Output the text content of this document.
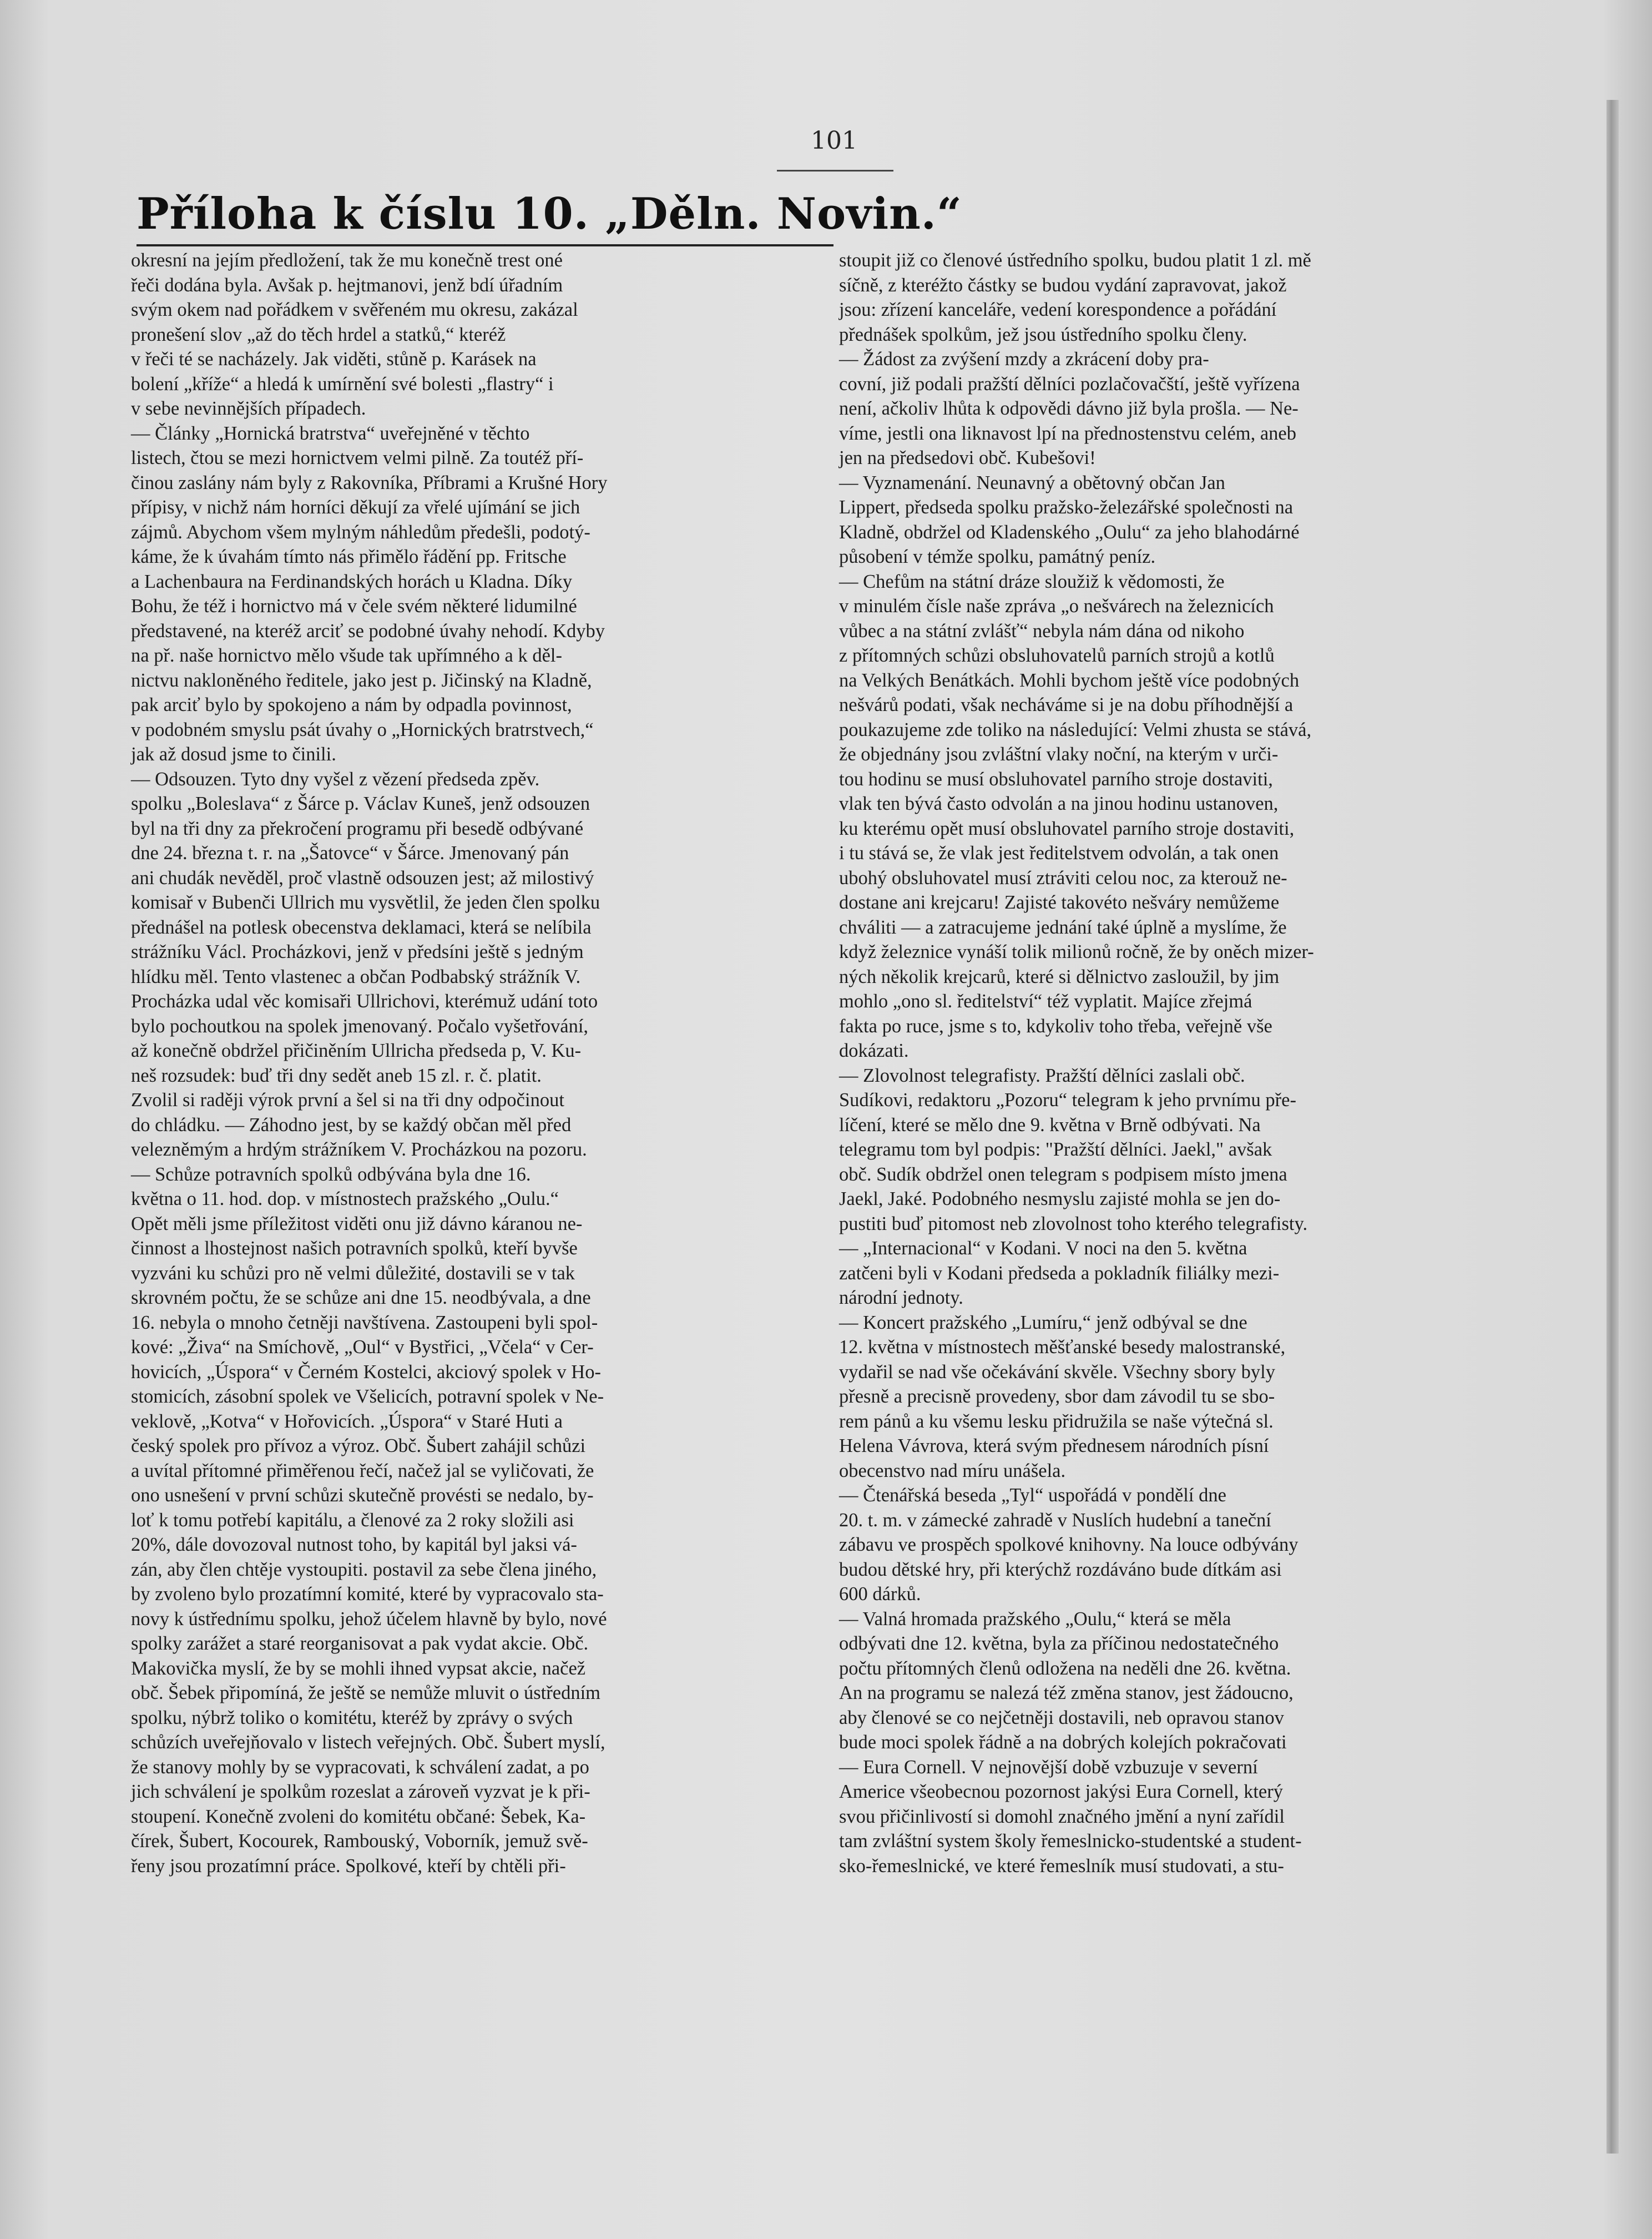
101
Příloha k číslu 10. „Děln. Novin.“

okresní na jejím předložení, tak že mu konečně trest oné
řeči dodána byla. Avšak p. hejtmanovi, jenž bdí úřadním
svým okem nad pořádkem v svěřeném mu okresu, zakázal
pronešení slov „až do těch hrdel a statků,“ kteréž
v řeči té se nacházely. Jak viděti, stůně p. Karásek na
bolení „kříže“ a hledá k umírnění své bolesti „flastry“ i
v sebe nevinnějších případech.

— Články „Hornická bratrstva“ uveřejněné v těchto
listech, čtou se mezi hornictvem velmi pilně. Za toutéž pří-
činou zaslány nám byly z Rakovníka, Příbrami a Krušné Hory
přípisy, v nichž nám horníci děkují za vřelé ujímání se jich
zájmů. Abychom všem mylným náhledům předešli, podotý-
káme, že k úvahám tímto nás přimělo řádění pp. Fritsche
a Lachenbaura na Ferdinandských horách u Kladna. Díky
Bohu, že též i hornictvo má v čele svém některé lidumilné
představené, na kteréž arciť se podobné úvahy nehodí. Kdyby
na př. naše hornictvo mělo všude tak upřímného a k děl-
nictvu nakloněného ředitele, jako jest p. Jičinský na Kladně,
pak arciť bylo by spokojeno a nám by odpadla povinnost,
v podobném smyslu psát úvahy o „Hornických bratrstvech,“
jak až dosud jsme to činili.

— Odsouzen. Tyto dny vyšel z vězení předseda zpěv.
spolku „Boleslava“ z Šárce p. Václav Kuneš, jenž odsouzen
byl na tři dny za překročení programu při besedě odbývané
dne 24. března t. r. na „Šatovce“ v Šárce. Jmenovaný pán
ani chudák nevěděl, proč vlastně odsouzen jest; až milostivý
komisař v Bubenči Ullrich mu vysvětlil, že jeden člen spolku
přednášel na potlesk obecenstva deklamaci, která se nelíbila
strážníku Václ. Procházkovi, jenž v předsíni ještě s jedným
hlídku měl. Tento vlastenec a občan Podbabský strážník V.
Procházka udal věc komisaři Ullrichovi, kterémuž udání toto
bylo pochoutkou na spolek jmenovaný. Počalo vyšetřování,
až konečně obdržel přičiněním Ullricha předseda p, V. Ku-
neš rozsudek: buď tři dny sedět aneb 15 zl. r. č. platit.
Zvolil si raději výrok první a šel si na tři dny odpočinout
do chládku. — Záhodno jest, by se každý občan měl před
velezněmým a hrdým strážníkem V. Procházkou na pozoru.

— Schůze potravních spolků odbývána byla dne 16.
května o 11. hod. dop. v místnostech pražského „Oulu.“
Opět měli jsme příležitost viděti onu již dávno káranou ne-
činnost a lhostejnost našich potravních spolků, kteří byvše
vyzváni ku schůzi pro ně velmi důležité, dostavili se v tak
skrovném počtu, že se schůze ani dne 15. neodbývala, a dne
16. nebyla o mnoho četněji navštívena. Zastoupeni byli spol-
kové: „Živa“ na Smíchově, „Oul“ v Bystřici, „Včela“ v Cer-
hovicích, „Úspora“ v Černém Kostelci, akciový spolek v Ho-
stomicích, zásobní spolek ve Všelicích, potravní spolek v Ne-
veklově, „Kotva“ v Hořovicích. „Úspora“ v Staré Huti a
český spolek pro přívoz a výroz. Obč. Šubert zahájil schůzi
a uvítal přítomné přiměřenou řečí, načež jal se vyličovati, že
ono usnešení v první schůzi skutečně provésti se nedalo, by-
loť k tomu potřebí kapitálu, a členové za 2 roky složili asi
20%, dále dovozoval nutnost toho, by kapitál byl jaksi vá-
zán, aby člen chtěje vystoupiti. postavil za sebe člena jiného,
by zvoleno bylo prozatímní komité, které by vypracovalo sta-
novy k ústřednímu spolku, jehož účelem hlavně by bylo, nové
spolky zarážet a staré reorganisovat a pak vydat akcie. Obč.
Makovička myslí, že by se mohli ihned vypsat akcie, načež
obč. Šebek připomíná, že ještě se nemůže mluvit o ústředním
spolku, nýbrž toliko o komitétu, kteréž by zprávy o svých
schůzích uveřejňovalo v listech veřejných. Obč. Šubert myslí,
že stanovy mohly by se vypracovati, k schválení zadat, a po
jich schválení je spolkům rozeslat a zároveň vyzvat je k při-
stoupení. Konečně zvoleni do komitétu občané: Šebek, Ka-
čírek, Šubert, Kocourek, Rambouský, Voborník, jemuž svě-
řeny jsou prozatímní práce. Spolkové, kteří by chtěli při-

stoupit již co členové ústředního spolku, budou platit 1 zl. mě
síčně, z kteréžto částky se budou vydání zapravovat, jakož
jsou: zřízení kanceláře, vedení korespondence a pořádání
přednášek spolkům, jež jsou ústředního spolku členy.

— Žádost za zvýšení mzdy a zkrácení doby pra-
covní, již podali pražští dělníci pozlačovačští, ještě vyřízena
není, ačkoliv lhůta k odpovědi dávno již byla prošla. — Ne-
víme, jestli ona liknavost lpí na přednostenstvu celém, aneb
jen na předsedovi obč. Kubešovi!

— Vyznamenání. Neunavný a obětovný občan Jan
Lippert, předseda spolku pražsko-železářské společnosti na
Kladně, obdržel od Kladenského „Oulu“ za jeho blahodárné
působení v témže spolku, památný peníz.

— Chefům na státní dráze sloužiž k vědomosti, že
v minulém čísle naše zpráva „o nešvárech na železnicích
vůbec a na státní zvlášť“ nebyla nám dána od nikoho
z přítomných schůzi obsluhovatelů parních strojů a kotlů
na Velkých Benátkách. Mohli bychom ještě více podobných
nešvárů podati, však necháváme si je na dobu příhodnější a
poukazujeme zde toliko na následující: Velmi zhusta se stává,
že objednány jsou zvláštní vlaky noční, na kterým v urči-
tou hodinu se musí obsluhovatel parního stroje dostaviti,
vlak ten bývá často odvolán a na jinou hodinu ustanoven,
ku kterému opět musí obsluhovatel parního stroje dostaviti,
i tu stává se, že vlak jest ředitelstvem odvolán, a tak onen
ubohý obsluhovatel musí ztráviti celou noc, za kterouž ne-
dostane ani krejcaru! Zajisté takovéto nešváry nemůžeme
chváliti — a zatracujeme jednání také úplně a myslíme, že
když železnice vynáší tolik milionů ročně, že by oněch mizer-
ných několik krejcarů, které si dělnictvo zasloužil, by jim
mohlo „ono sl. ředitelství“ též vyplatit. Majíce zřejmá
fakta po ruce, jsme s to, kdykoliv toho třeba, veřejně vše
dokázati.

— Zlovolnost telegrafisty. Pražští dělníci zaslali obč.
Sudíkovi, redaktoru „Pozoru“ telegram k jeho prvnímu pře-
líčení, které se mělo dne 9. května v Brně odbývati. Na
telegramu tom byl podpis: "Pražští dělníci. Jaekl," avšak
obč. Sudík obdržel onen telegram s podpisem místo jmena
Jaekl, Jaké. Podobného nesmyslu zajisté mohla se jen do-
pustiti buď pitomost neb zlovolnost toho kterého telegrafisty.

— „Internacional“ v Kodani. V noci na den 5. května
zatčeni byli v Kodani předseda a pokladník filiálky mezi-
národní jednoty.

— Koncert pražského „Lumíru,“ jenž odbýval se dne
12. května v místnostech měšťanské besedy malostranské,
vydařil se nad vše očekávání skvěle. Všechny sbory byly
přesně a precisně provedeny, sbor dam závodil tu se sbo-
rem pánů a ku všemu lesku přidružila se naše výtečná sl.
Helena Vávrova, která svým přednesem národních písní
obecenstvo nad míru unášela.

— Čtenářská beseda „Tyl“ uspořádá v pondělí dne
20. t. m. v zámecké zahradě v Nuslích hudební a taneční
zábavu ve prospěch spolkové knihovny. Na louce odbývány
budou dětské hry, při kterýchž rozdáváno bude dítkám asi
600 dárků.

— Valná hromada pražského „Oulu,“ která se měla
odbývati dne 12. května, byla za příčinou nedostatečného
počtu přítomných členů odložena na neděli dne 26. května.
An na programu se nalezá též změna stanov, jest žádoucno,
aby členové se co nejčetněji dostavili, neb opravou stanov
bude moci spolek řádně a na dobrých kolejích pokračovati

— Eura Cornell. V nejnovější době vzbuzuje v severní
Americe všeobecnou pozornost jakýsi Eura Cornell, který
svou přičinlivostí si domohl značného jmění a nyní zařídil
tam zvláštní system školy řemeslnicko-studentské a student-
sko-řemeslnické, ve které řemeslník musí studovati, a stu-
